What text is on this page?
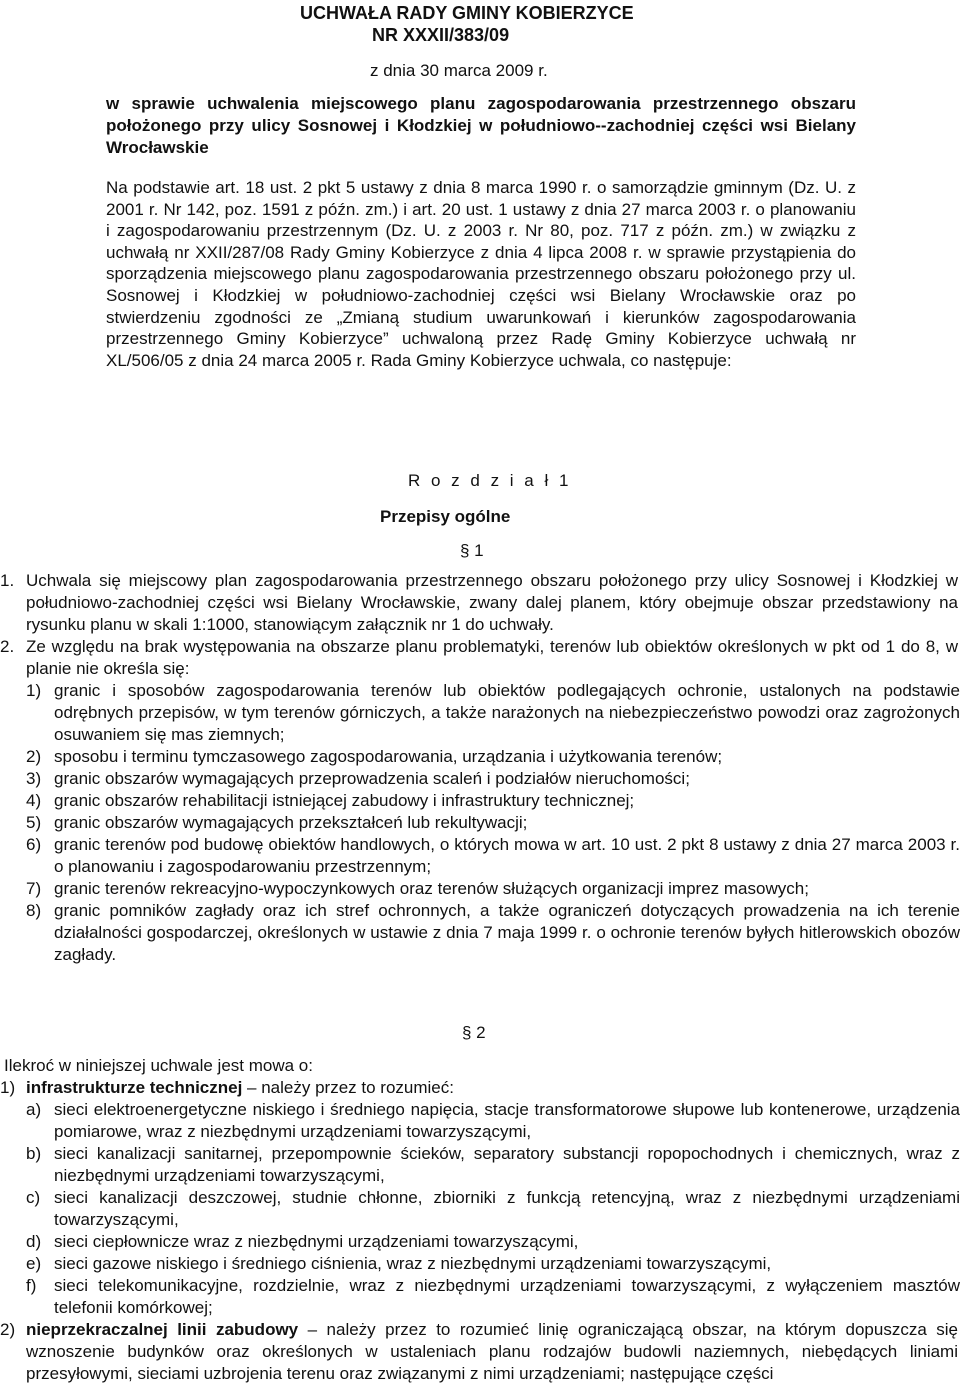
UCHWAŁA RADY GMINY KOBIERZYCE
NR XXXII/383/09
z dnia 30 marca 2009 r.
w sprawie uchwalenia miejscowego planu zagospodarowania przestrzennego obszaru położonego przy ulicy Sosnowej i Kłodzkiej w południowo--zachodniej części wsi Bielany Wrocławskie
Na podstawie art. 18 ust. 2 pkt 5 ustawy z dnia 8 marca 1990 r. o samorządzie gminnym (Dz. U. z 2001 r. Nr 142, poz. 1591 z późn. zm.) i art. 20 ust. 1 ustawy z dnia 27 marca 2003 r. o planowaniu i zagospodarowaniu przestrzennym (Dz. U. z 2003 r. Nr 80, poz. 717 z późn. zm.) w związku z uchwałą nr XXII/287/08 Rady Gminy Kobierzyce z dnia 4 lipca 2008 r. w sprawie przystąpienia do sporządzenia miejscowego planu zagospodarowania przestrzennego obszaru położonego przy ul. Sosnowej i Kłodzkiej w południowo-zachodniej części wsi Bielany Wrocławskie oraz po stwierdzeniu zgodności ze „Zmianą studium uwarunkowań i kierunków zagospodarowania przestrzennego Gminy Kobierzyce” uchwaloną przez Radę Gminy Kobierzyce uchwałą nr XL/506/05 z dnia 24 marca 2005 r. Rada Gminy Kobierzyce uchwala, co następuje:
R o z d z i a ł 1
Przepisy ogólne
§ 1
1. Uchwala się miejscowy plan zagospodarowania przestrzennego obszaru położonego przy ulicy Sosnowej i Kłodzkiej w południowo-zachodniej części wsi Bielany Wrocławskie, zwany dalej planem, który obejmuje obszar przedstawiony na rysunku planu w skali 1:1000, stanowiącym załącznik nr 1 do uchwały.

2. Ze względu na brak występowania na obszarze planu problematyki, terenów lub obiektów określonych w pkt od 1 do 8, w planie nie określa się:

1) granic i sposobów zagospodarowania terenów lub obiektów podlegających ochronie, ustalonych na podstawie odrębnych przepisów, w tym terenów górniczych, a także narażonych na niebezpieczeństwo powodzi oraz zagrożonych osuwaniem się mas ziemnych;

2) sposobu i terminu tymczasowego zagospodarowania, urządzania i użytkowania terenów;

3) granic obszarów wymagających przeprowadzenia scaleń i podziałów nieruchomości;

4) granic obszarów rehabilitacji istniejącej zabudowy i infrastruktury technicznej;

5) granic obszarów wymagających przekształceń lub rekultywacji;

6) granic terenów pod budowę obiektów handlowych, o których mowa w art. 10 ust. 2 pkt 8 ustawy z dnia 27 marca 2003 r. o planowaniu i zagospodarowaniu przestrzennym;

7) granic terenów rekreacyjno-wypoczynkowych oraz terenów służących organizacji imprez masowych;

8) granic pomników zagłady oraz ich stref ochronnych, a także ograniczeń dotyczących prowadzenia na ich terenie działalności gospodarczej, określonych w ustawie z dnia 7 maja 1999 r. o ochronie terenów byłych hitlerowskich obozów zagłady.

§ 2

Ilekroć w niniejszej uchwale jest mowa o:

1) infrastrukturze technicznej – należy przez to rozumieć:

a) sieci elektroenergetyczne niskiego i średniego napięcia, stacje transformatorowe słupowe lub kontenerowe, urządzenia pomiarowe, wraz z niezbędnymi urządzeniami towarzyszącymi,

b) sieci kanalizacji sanitarnej, przepompownie ścieków, separatory substancji ropopochodnych i chemicznych, wraz z niezbędnymi urządzeniami towarzyszącymi,

c) sieci kanalizacji deszczowej, studnie chłonne, zbiorniki z funkcją retencyjną, wraz z niezbędnymi urządzeniami towarzyszącymi,

d) sieci ciepłownicze wraz z niezbędnymi urządzeniami towarzyszącymi,

e) sieci gazowe niskiego i średniego ciśnienia, wraz z niezbędnymi urządzeniami towarzyszącymi,

f) sieci telekomunikacyjne, rozdzielnie, wraz z niezbędnymi urządzeniami towarzyszącymi, z wyłączeniem masztów telefonii komórkowej;

2) nieprzekraczalnej linii zabudowy – należy przez to rozumieć linię ograniczającą obszar, na którym dopuszcza się wznoszenie budynków oraz określonych w ustaleniach planu rodzajów budowli naziemnych, niebędących liniami przesyłowymi, sieciami uzbrojenia terenu oraz związanymi z nimi urządzeniami; następujące części
